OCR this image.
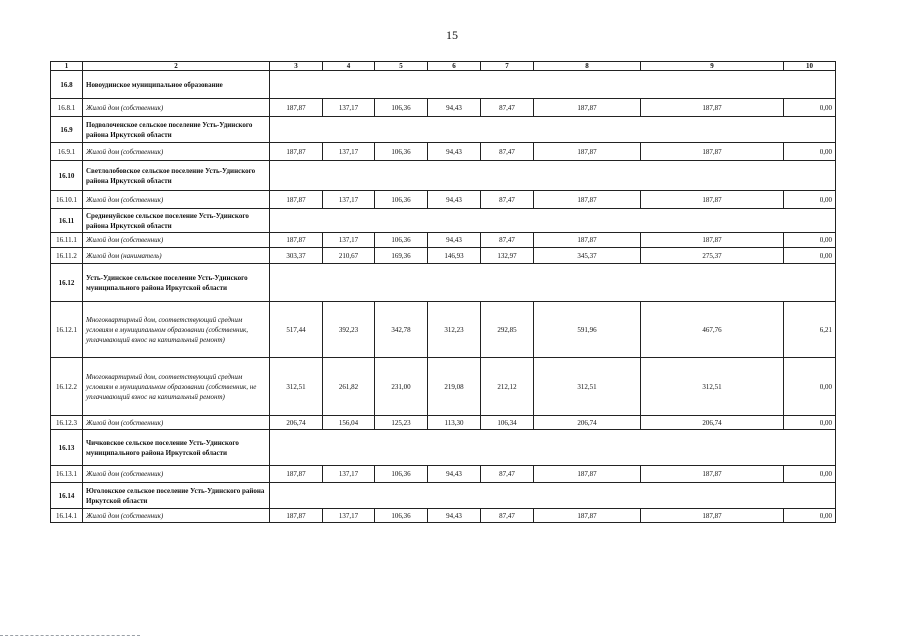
15
1	2	3	4	5	6	7	8	9	10
16.8	Новоудинское муниципальное образование								
16.8.1	Жилой дом (собственник)	187,87	137,17	106,36	94,43	87,47	187,87	187,87	0,00
16.9	Подволоченское сельское поселение Усть-Удинского района Иркутской области								
16.9.1	Жилой дом (собственник)	187,87	137,17	106,36	94,43	87,47	187,87	187,87	0,00
16.10	Светлолобовское сельское поселение Усть-Удинского района Иркутской области								
16.10.1	Жилой дом (собственник)	187,87	137,17	106,36	94,43	87,47	187,87	187,87	0,00
16.11	Средненуйское сельское поселение Усть-Удинского района Иркутской области								
16.11.1	Жилой дом (собственник)	187,87	137,17	106,36	94,43	87,47	187,87	187,87	0,00
16.11.2	Жилой дом (наниматель)	303,37	210,67	169,36	146,93	132,97	345,37	275,37	0,00
16.12	Усть-Удинское сельское поселение Усть-Удинского муниципального района Иркутской области								
16.12.1	Многоквартирный дом, соответствующий средним условиям в муниципальном образовании (собственник, уплачивающий взнос на капитальный ремонт)	517,44	392,23	342,78	312,23	292,85	591,96	467,76	6,21
16.12.2	Многоквартирный дом, соответствующий средним условиям в муниципальном образовании (собственник, не уплачивающий взнос на капитальный ремонт)	312,51	261,82	231,00	219,08	212,12	312,51	312,51	0,00
16.12.3	Жилой дом (собственник)	206,74	156,04	125,23	113,30	106,34	206,74	206,74	0,00
16.13	Чичковское сельское поселение Усть-Удинского муниципального района Иркутской области								
16.13.1	Жилой дом (собственник)	187,87	137,17	106,36	94,43	87,47	187,87	187,87	0,00
16.14	Юголокское сельское поселение Усть-Удинского района Иркутской области								
16.14.1	Жилой дом (собственник)	187,87	137,17	106,36	94,43	87,47	187,87	187,87	0,00
